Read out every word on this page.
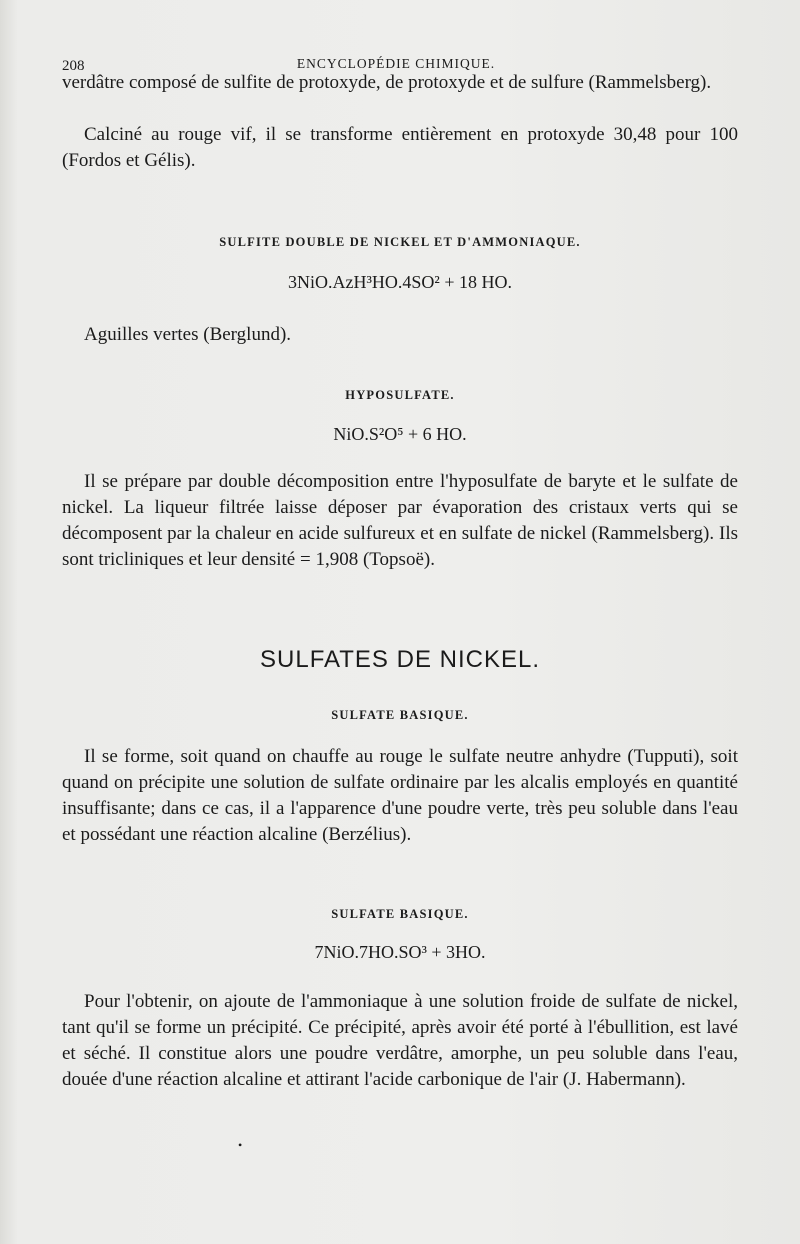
208	ENCYCLOPÉDIE CHIMIQUE.

verdâtre composé de sulfite de protoxyde, de protoxyde et de sulfure (Rammelsberg).

Calciné au rouge vif, il se transforme entièrement en protoxyde 30,48 pour 100 (Fordos et Gélis).

SULFITE DOUBLE DE NICKEL ET D'AMMONIAQUE.
3NiO.AzH³HO.4SO² + 18 HO.

Aguilles vertes (Berglund).

HYPOSULFATE.
NiO.S²O⁵ + 6 HO.

Il se prépare par double décomposition entre l'hyposulfate de baryte et le sulfate de nickel. La liqueur filtrée laisse déposer par évaporation des cristaux verts qui se décomposent par la chaleur en acide sulfureux et en sulfate de nickel (Rammelsberg). Ils sont tricliniques et leur densité = 1,908 (Topsoë).

SULFATES DE NICKEL.
SULFATE BASIQUE.

Il se forme, soit quand on chauffe au rouge le sulfate neutre anhydre (Tupputi), soit quand on précipite une solution de sulfate ordinaire par les alcalis employés en quantité insuffisante; dans ce cas, il a l'apparence d'une poudre verte, très peu soluble dans l'eau et possédant une réaction alcaline (Berzélius).

SULFATE BASIQUE.
7NiO.7HO.SO³ + 3HO.

Pour l'obtenir, on ajoute de l'ammoniaque à une solution froide de sulfate de nickel, tant qu'il se forme un précipité. Ce précipité, après avoir été porté à l'ébullition, est lavé et séché. Il constitue alors une poudre verdâtre, amorphe, un peu soluble dans l'eau, douée d'une réaction alcaline et attirant l'acide carbonique de l'air (J. Habermann).

•
